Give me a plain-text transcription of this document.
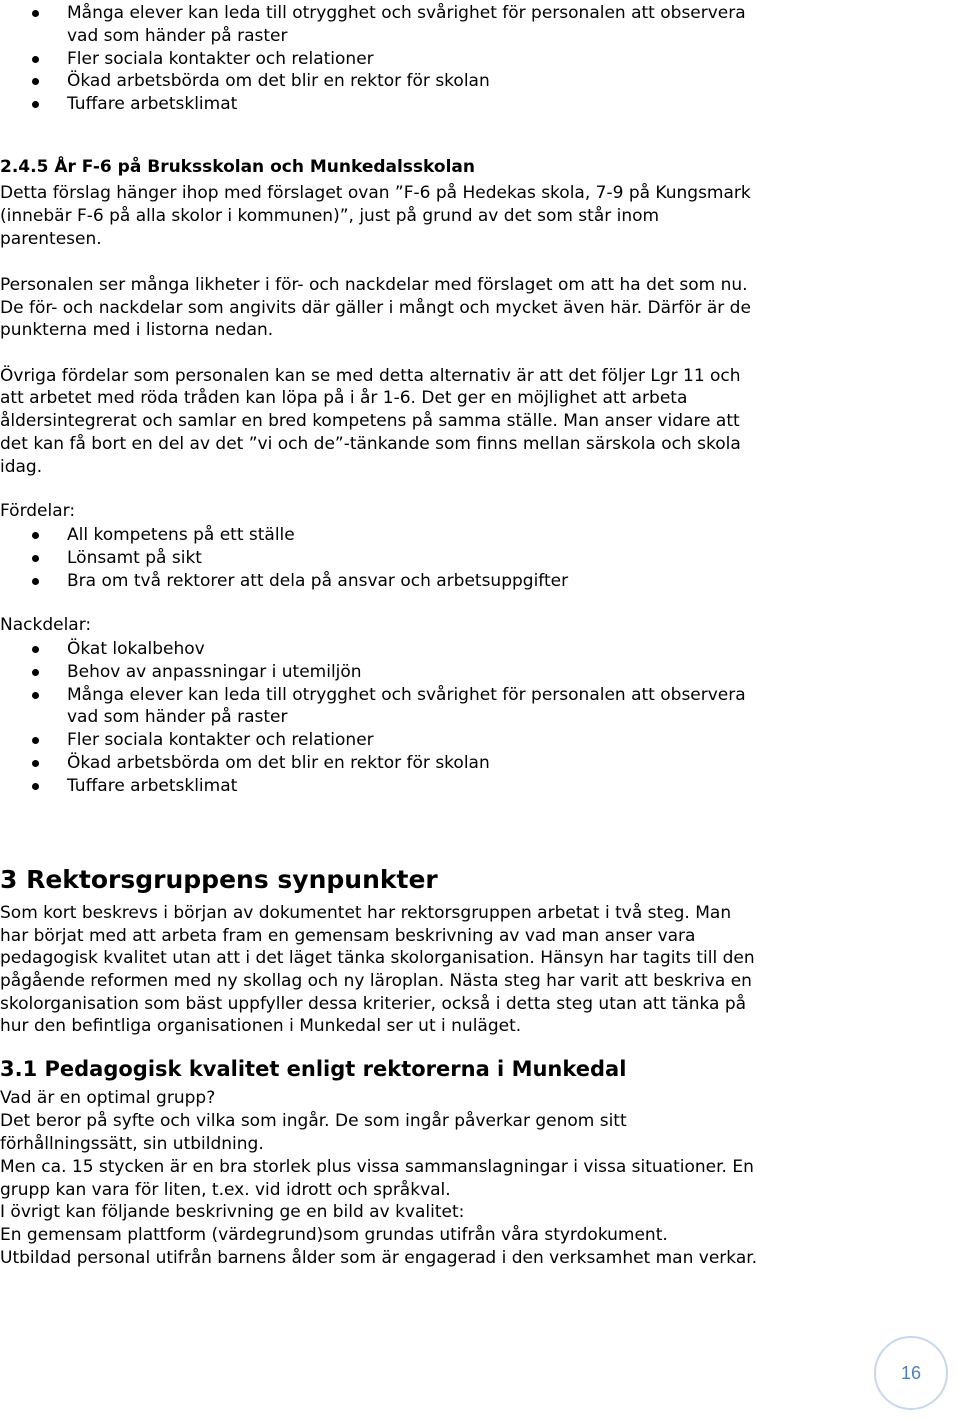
Många elever kan leda till otrygghet och svårighet för personalen att observera
vad som händer på raster
Fler sociala kontakter och relationer
Ökad arbetsbörda om det blir en rektor för skolan
Tuffare arbetsklimat
2.4.5 År F-6 på Bruksskolan och Munkedalsskolan
Detta förslag hänger ihop med förslaget ovan ”F-6 på Hedekas skola, 7-9 på Kungsmark
(innebär F-6 på alla skolor i kommunen)”, just på grund av det som står inom
parentesen.
Personalen ser många likheter i för- och nackdelar med förslaget om att ha det som nu.
De för- och nackdelar som angivits där gäller i mångt och mycket även här. Därför är de
punkterna med i listorna nedan.
Övriga fördelar som personalen kan se med detta alternativ är att det följer Lgr 11 och
att arbetet med röda tråden kan löpa på i år 1-6. Det ger en möjlighet att arbeta
åldersintegrerat och samlar en bred kompetens på samma ställe. Man anser vidare att
det kan få bort en del av det ”vi och de”-tänkande som finns mellan särskola och skola
idag.
Fördelar:
All kompetens på ett ställe
Lönsamt på sikt
Bra om två rektorer att dela på ansvar och arbetsuppgifter
Nackdelar:
Ökat lokalbehov
Behov av anpassningar i utemiljön
Många elever kan leda till otrygghet och svårighet för personalen att observera
vad som händer på raster
Fler sociala kontakter och relationer
Ökad arbetsbörda om det blir en rektor för skolan
Tuffare arbetsklimat
3 Rektorsgruppens synpunkter
Som kort beskrevs i början av dokumentet har rektorsgruppen arbetat i två steg. Man
har börjat med att arbeta fram en gemensam beskrivning av vad man anser vara
pedagogisk kvalitet utan att i det läget tänka skolorganisation. Hänsyn har tagits till den
pågående reformen med ny skollag och ny läroplan. Nästa steg har varit att beskriva en
skolorganisation som bäst uppfyller dessa kriterier, också i detta steg utan att tänka på
hur den befintliga organisationen i Munkedal ser ut i nuläget.
3.1 Pedagogisk kvalitet enligt rektorerna i Munkedal
Vad är en optimal grupp?
Det beror på syfte och vilka som ingår. De som ingår påverkar genom sitt
förhållningssätt, sin utbildning.
Men ca. 15 stycken är en bra storlek plus vissa sammanslagningar i vissa situationer. En
grupp kan vara för liten, t.ex. vid idrott och språkval.
I övrigt kan följande beskrivning ge en bild av kvalitet:
En gemensam plattform (värdegrund)som grundas utifrån våra styrdokument.
Utbildad personal utifrån barnens ålder som är engagerad i den verksamhet man verkar.
16
